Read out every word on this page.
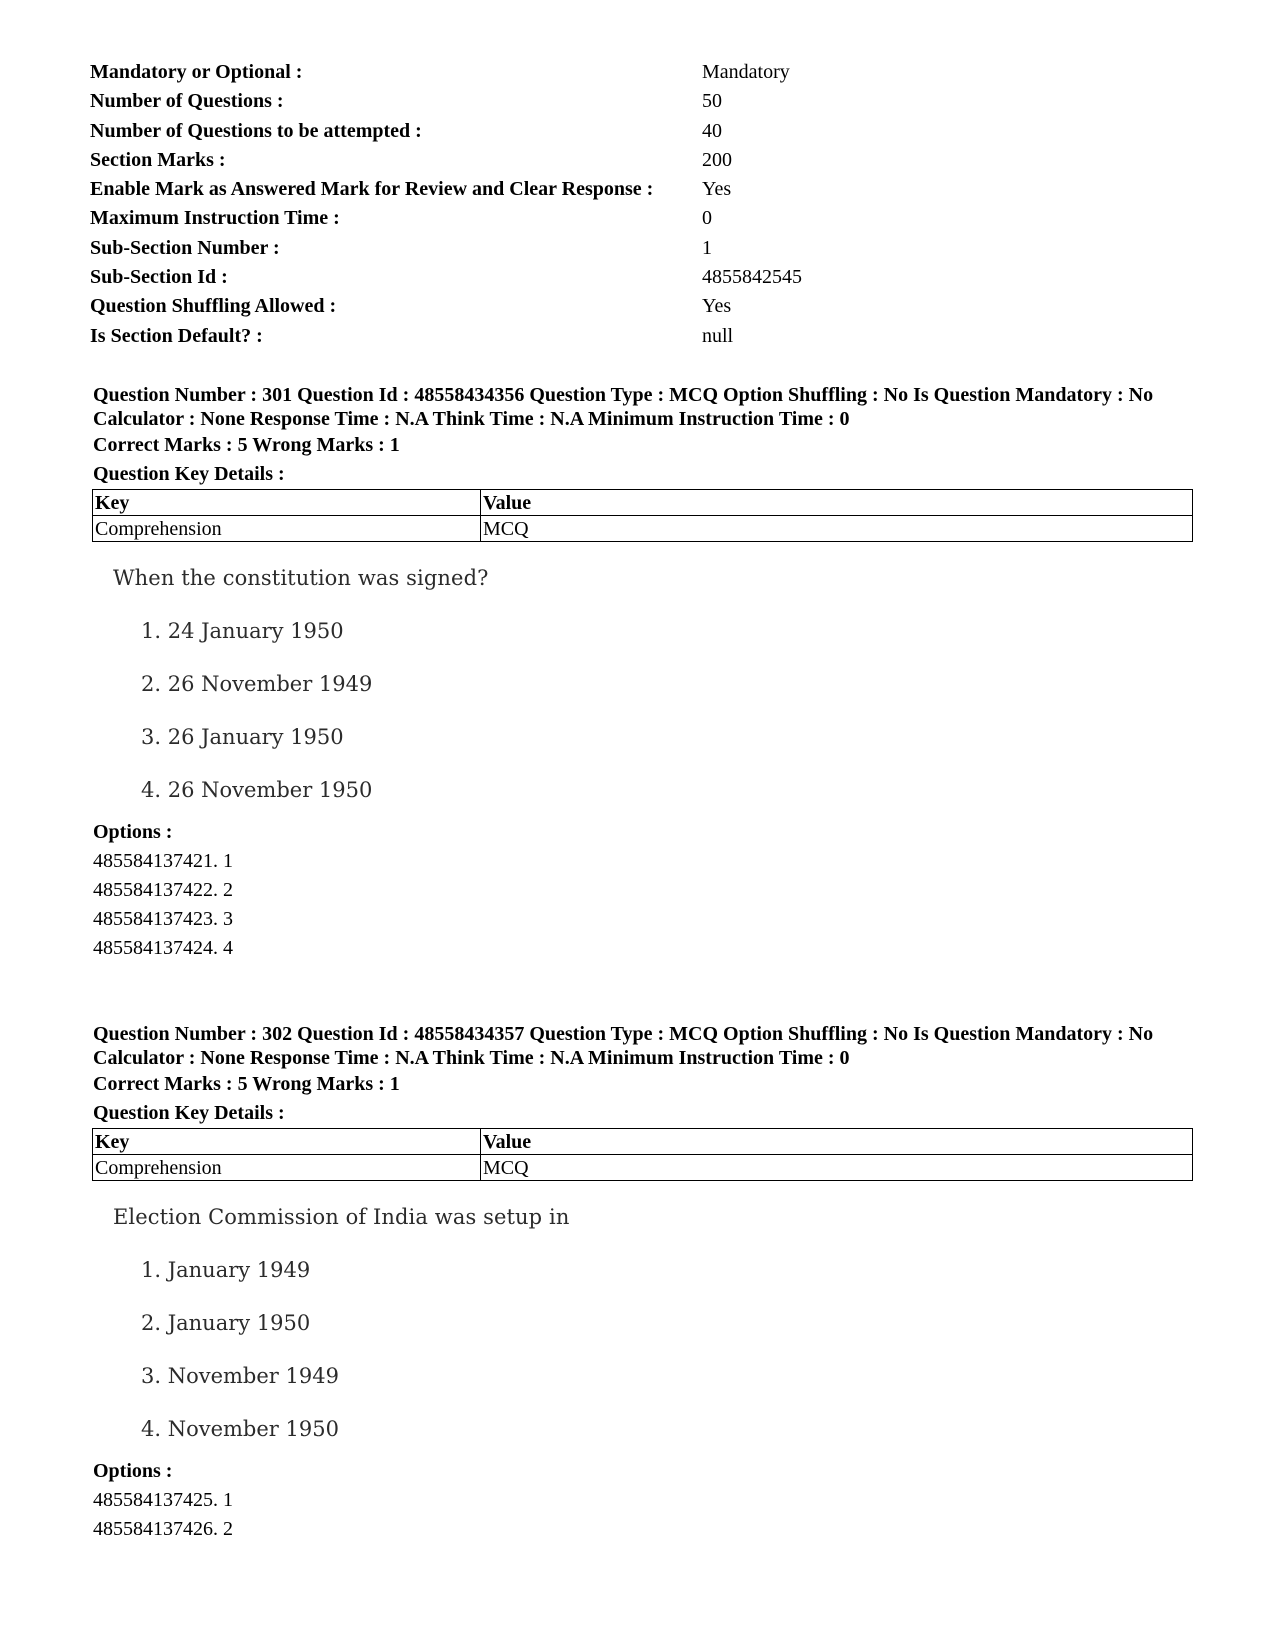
Mandatory or Optional :	Mandatory
Number of Questions :	50
Number of Questions to be attempted :	40
Section Marks :	200
Enable Mark as Answered Mark for Review and Clear Response : Yes
Maximum Instruction Time :	0
Sub-Section Number :	1
Sub-Section Id :	4855842545
Question Shuffling Allowed :	Yes
Is Section Default? :	null
Question Number : 301 Question Id : 48558434356 Question Type : MCQ Option Shuffling : No Is Question Mandatory : No Calculator : None Response Time : N.A Think Time : N.A Minimum Instruction Time : 0
Correct Marks : 5 Wrong Marks : 1
Question Key Details :
Key	Value
Comprehension	MCQ
When the constitution was signed?
1. 24 January 1950
2. 26 November 1949
3. 26 January 1950
4. 26 November 1950
Options :
485584137421. 1
485584137422. 2
485584137423. 3
485584137424. 4
Question Number : 302 Question Id : 48558434357 Question Type : MCQ Option Shuffling : No Is Question Mandatory : No Calculator : None Response Time : N.A Think Time : N.A Minimum Instruction Time : 0
Correct Marks : 5 Wrong Marks : 1
Question Key Details :
Key	Value
Comprehension	MCQ
Election Commission of India was setup in
1. January 1949
2. January 1950
3. November 1949
4. November 1950
Options :
485584137425. 1
485584137426. 2
